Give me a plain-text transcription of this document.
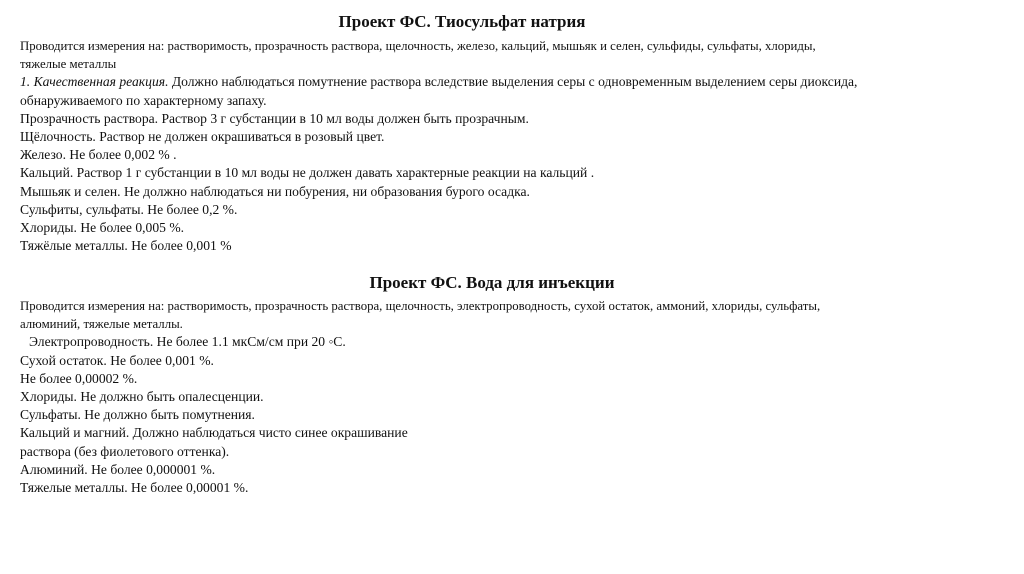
Проект ФС. Тиосульфат натрия
Проводится измерения на: растворимость, прозрачность раствора, щелочность, железо, кальций, мышьяк и селен, сульфиды, сульфаты, хлориды,
тяжелые металлы
1. Качественная реакция. Должно наблюдаться помутнение раствора вследствие выделения серы с одновременным выделением серы диоксида,
обнаруживаемого по характерному запаху.
Прозрачность раствора. Раствор 3 г субстанции в 10 мл воды должен быть прозрачным.
Щёлочность. Раствор не должен окрашиваться в розовый цвет.
Железо. Не более 0,002 % .
Кальций. Раствор 1 г субстанции в 10 мл воды не должен давать характерные реакции на кальций .
Мышьяк и селен. Не должно наблюдаться ни побурения, ни образования бурого осадка.
Сульфиты, сульфаты. Не более 0,2 %.
Хлориды. Не более 0,005 %.
Тяжёлые металлы. Не более 0,001 %
Проект ФС. Вода для инъекции
Проводится измерения на: растворимость, прозрачность раствора, щелочность, электропроводность, сухой остаток, аммоний, хлориды, сульфаты,
алюминий, тяжелые металлы.
Электропроводность. Не более 1.1 мкСм/см при 20 ◦С.
Сухой остаток. Не более 0,001 %.
Не более 0,00002 %.
Хлориды. Не должно быть опалесценции.
Сульфаты. Не должно быть помутнения.
Кальций и магний. Должно наблюдаться чисто синее окрашивание
раствора (без фиолетового оттенка).
Алюминий. Не более 0,000001 %.
Тяжелые металлы. Не более 0,00001 %.
